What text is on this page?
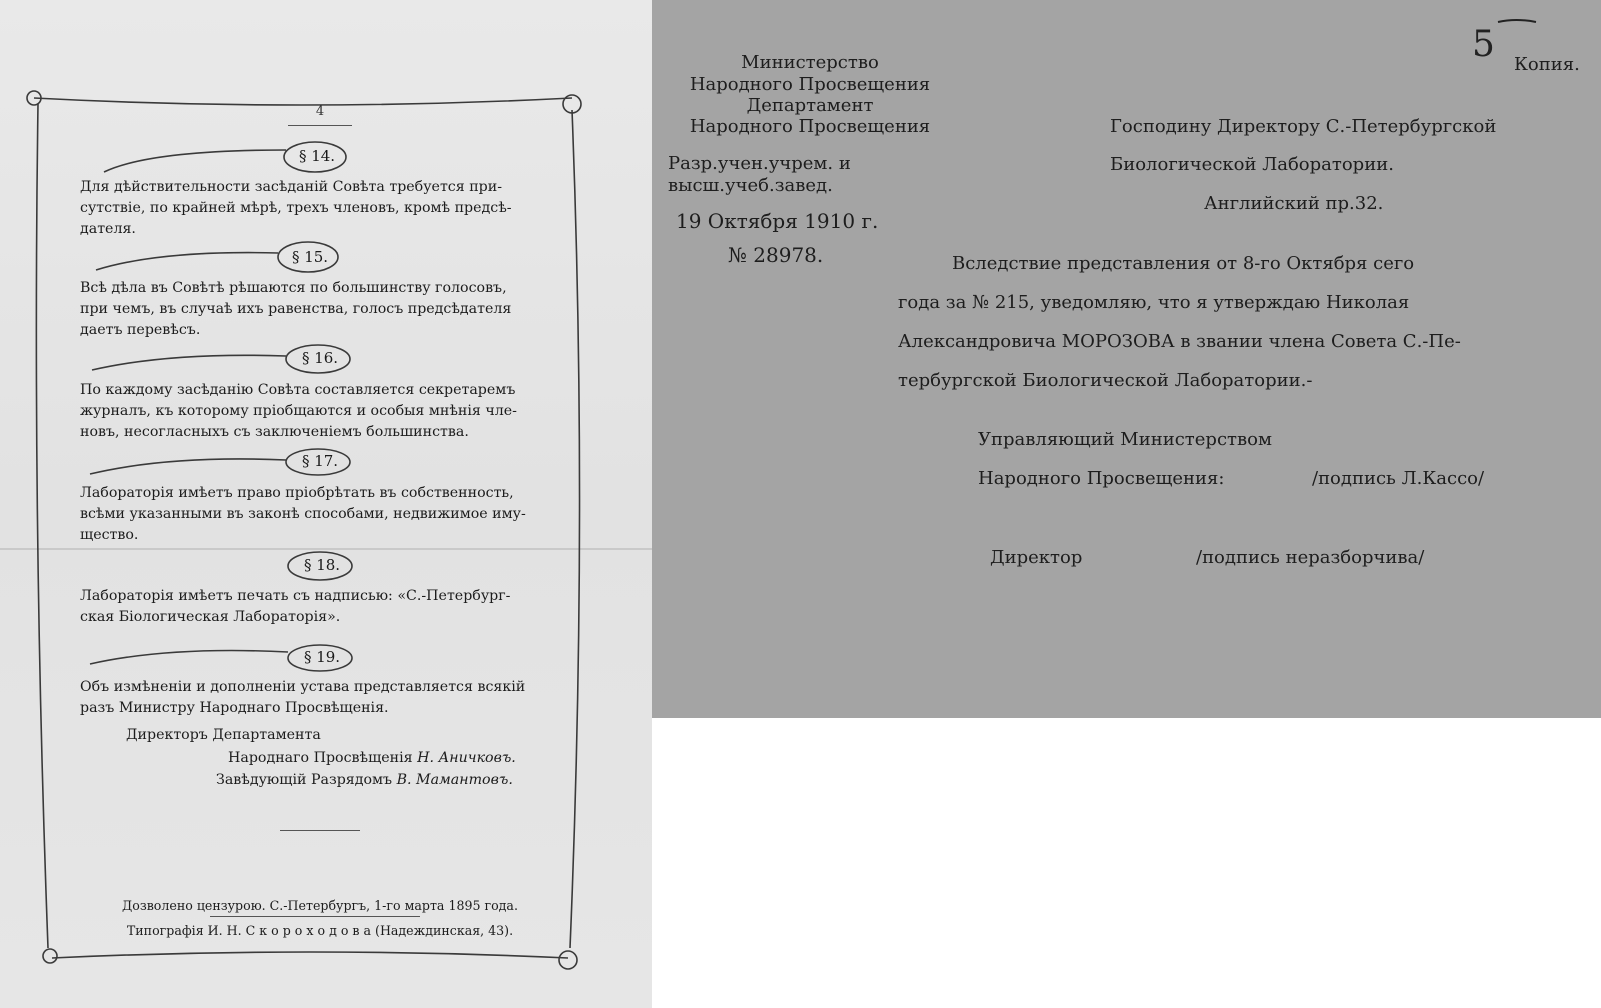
4
§ 14.
Для дѣйствительности засѣданій Совѣта требуется при-
сутствіе, по крайней мѣрѣ, трехъ членовъ, кромѣ предсѣ-
дателя.
§ 15.
Всѣ дѣла въ Совѣтѣ рѣшаются по большинству голосовъ,
при чемъ, въ случаѣ ихъ равенства, голосъ предсѣдателя
даетъ перевѣсъ.
§ 16.
По каждому засѣданію Совѣта составляется секретаремъ
журналъ, къ которому пріобщаются и особыя мнѣнія чле-
новъ, несогласныхъ съ заключеніемъ большинства.
§ 17.
Лабораторія имѣетъ право пріобрѣтать въ собственность,
всѣми указанными въ законѣ способами, недвижимое иму-
щество.
§ 18.
Лабораторія имѣетъ печать съ надписью: «С.-Петербург-
ская Біологическая Лабораторія».
§ 19.
Объ измѣненіи и дополненіи устава представляется всякій
разъ Министру Народнаго Просвѣщенія.
Директоръ Департамента
Народнаго Просвѣщенія Н. Аничковъ.
Завѣдующій Разрядомъ В. Мамантовъ.
Дозволено цензурою. С.-Петербургъ, 1-го марта 1895 года.
Типографія И. Н. С к о р о х о д о в а (Надеждинская, 43).
5 Копия.
Министерство
Народного Просвещения
Департамент
Народного Просвещения
Разр.учен.учрем. и
высш.учеб.завед.
19 Октября 1910 г.
№ 28978.
Господину Директору С.-Петербургской
Биологической Лаборатории.
Английский пр.32.
Вследствие представления от 8-го Октября сего
года за № 215, уведомляю, что я утверждаю Николая
Александровича МОРОЗОВА в звании члена Совета С.-Пе-
тербургской Биологической Лаборатории.-
Управляющий Министерством
Народного Просвещения:	/подпись Л.Кассо/
Директор	/подпись неразборчива/
